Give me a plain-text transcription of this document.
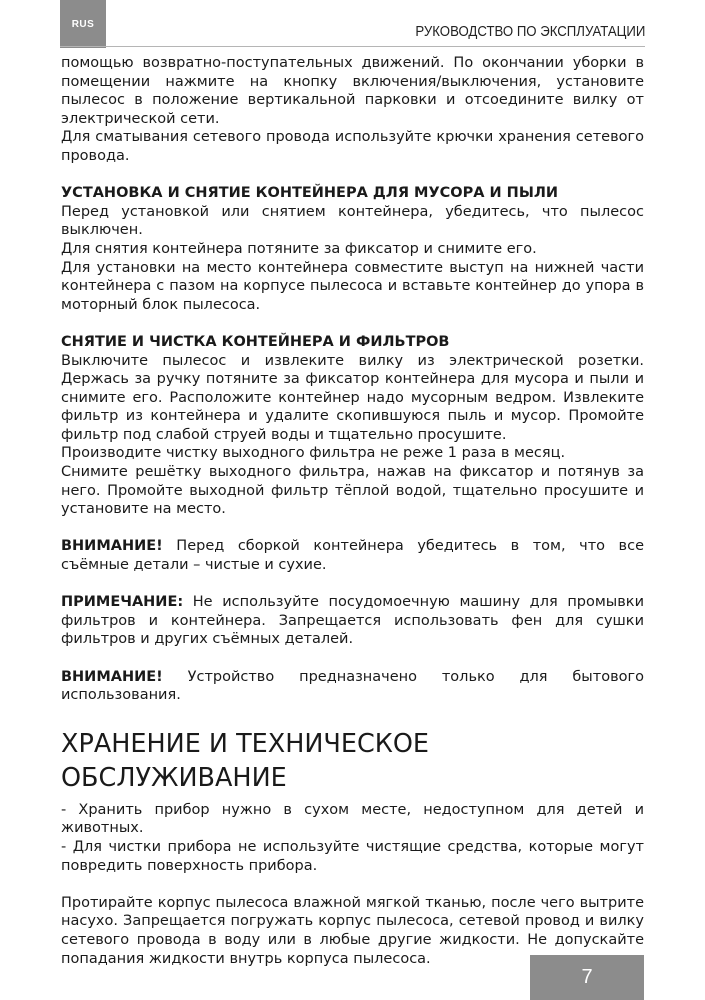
RUS	РУКОВОДСТВО ПО ЭКСПЛУАТАЦИИ

помощью возвратно-поступательных движений. По окончании уборки в помещении нажмите на кнопку включения/выключения, установите пылесос в положение вертикальной парковки и отсоедините вилку от электрической сети.

Для сматывания сетевого провода используйте крючки хранения сетевого провода.

УСТАНОВКА И СНЯТИЕ КОНТЕЙНЕРА ДЛЯ МУСОРА И ПЫЛИ

Перед установкой или снятием контейнера, убедитесь, что пылесос выключен.

Для снятия контейнера потяните за фиксатор и снимите его.

Для установки на место контейнера совместите выступ на нижней части контейнера с пазом на корпусе пылесоса и вставьте контейнер до упора в моторный блок пылесоса.

СНЯТИЕ И ЧИСТКА КОНТЕЙНЕРА И ФИЛЬТРОВ

Выключите пылесос и извлеките вилку из электрической розетки. Держась за ручку потяните за фиксатор контейнера для мусора и пыли и снимите его. Расположите контейнер надо мусорным ведром. Извлеките фильтр из контейнера и удалите скопившуюся пыль и мусор. Промойте фильтр под слабой струей воды и тщательно просушите.

Производите чистку выходного фильтра не реже 1 раза в месяц.

Снимите решётку выходного фильтра, нажав на фиксатор и потянув за него. Промойте выходной фильтр тёплой водой, тщательно просушите и установите на место.

ВНИМАНИЕ! Перед сборкой контейнера убедитесь в том, что все съёмные детали – чистые и сухие.

ПРИМЕЧАНИЕ: Не используйте посудомоечную машину для промывки фильтров и контейнера. Запрещается использовать фен для сушки фильтров и других съёмных деталей.

ВНИМАНИЕ! Устройство предназначено только для бытового использования.

ХРАНЕНИЕ И ТЕХНИЧЕСКОЕ ОБСЛУЖИВАНИЕ

- Хранить прибор нужно в сухом месте, недоступном для детей и животных.

- Для чистки прибора не используйте чистящие средства, которые могут повредить поверхность прибора.

Протирайте корпус пылесоса влажной мягкой тканью, после чего вытрите насухо. Запрещается погружать корпус пылесоса, сетевой провод и вилку сетевого провода в воду или в любые другие жидкости. Не допускайте попадания жидкости внутрь корпуса пылесоса.

7
